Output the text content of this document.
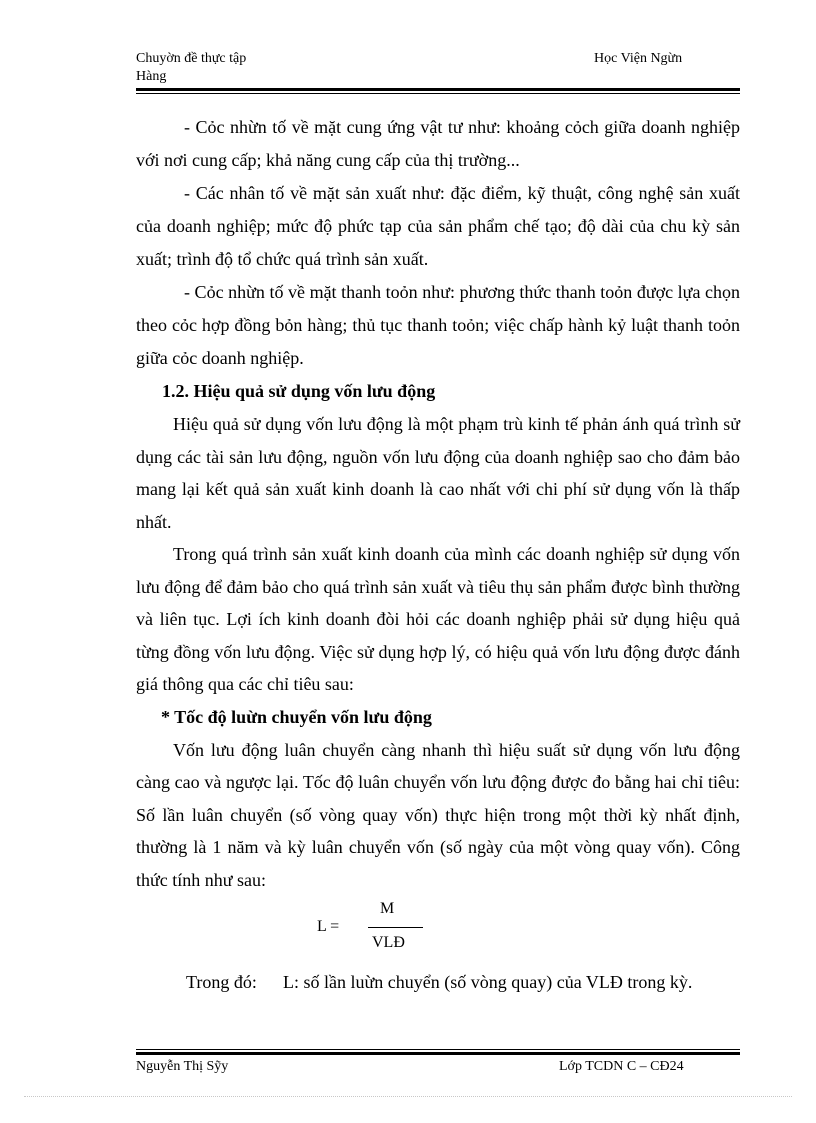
Chuyờn đề thực tập	Học Viện Ngừn
Hàng

- Cỏc nhừn tố về mặt cung ứng vật tư như: khoảng cỏch giữa doanh nghiệp với nơi cung cấp; khả năng cung cấp của thị trường...

- Các nhân tố về mặt sản xuất như: đặc điểm, kỹ thuật, công nghệ sản xuất của doanh nghiệp; mức độ phức tạp của sản phẩm chế tạo; độ dài của chu kỳ sản xuất; trình độ tổ chức quá trình sản xuất.

- Cỏc nhừn tố về mặt thanh toỏn như: phương thức thanh toỏn được lựa chọn theo cỏc hợp đồng bỏn hàng; thủ tục thanh toỏn; việc chấp hành kỷ luật thanh toỏn giữa cỏc doanh nghiệp.

1.2. Hiệu quả sử dụng vốn lưu động

Hiệu quả sử dụng vốn lưu động là một phạm trù kinh tế phản ánh quá trình sử dụng các tài sản lưu động, nguồn vốn lưu động của doanh nghiệp sao cho đảm bảo mang lại kết quả sản xuất kinh doanh là cao nhất với chi phí sử dụng vốn là thấp nhất.

Trong quá trình sản xuất kinh doanh của mình các doanh nghiệp sử dụng vốn lưu động để đảm bảo cho quá trình sản xuất và tiêu thụ sản phẩm được bình thường và liên tục. Lợi ích kinh doanh đòi hỏi các doanh nghiệp phải sử dụng hiệu quả từng đồng vốn lưu động. Việc sử dụng hợp lý, có hiệu quả vốn lưu động được đánh giá thông qua các chỉ tiêu sau:

* Tốc độ luừn chuyển vốn lưu động

Vốn lưu động luân chuyển càng nhanh thì hiệu suất sử dụng vốn lưu động càng cao và ngược lại. Tốc độ luân chuyển vốn lưu động được đo bằng hai chỉ tiêu: Số lần luân chuyển (số vòng quay vốn) thực hiện trong một thời kỳ nhất định, thường là 1 năm và kỳ luân chuyển vốn (số ngày của một vòng quay vốn). Công thức tính như sau:

L =
M
VLĐ
Trong đó: L: số lần luừn chuyển (số vòng quay) của VLĐ trong kỳ.
Nguyễn Thị Sỹy	Lớp TCDN C – CĐ24
